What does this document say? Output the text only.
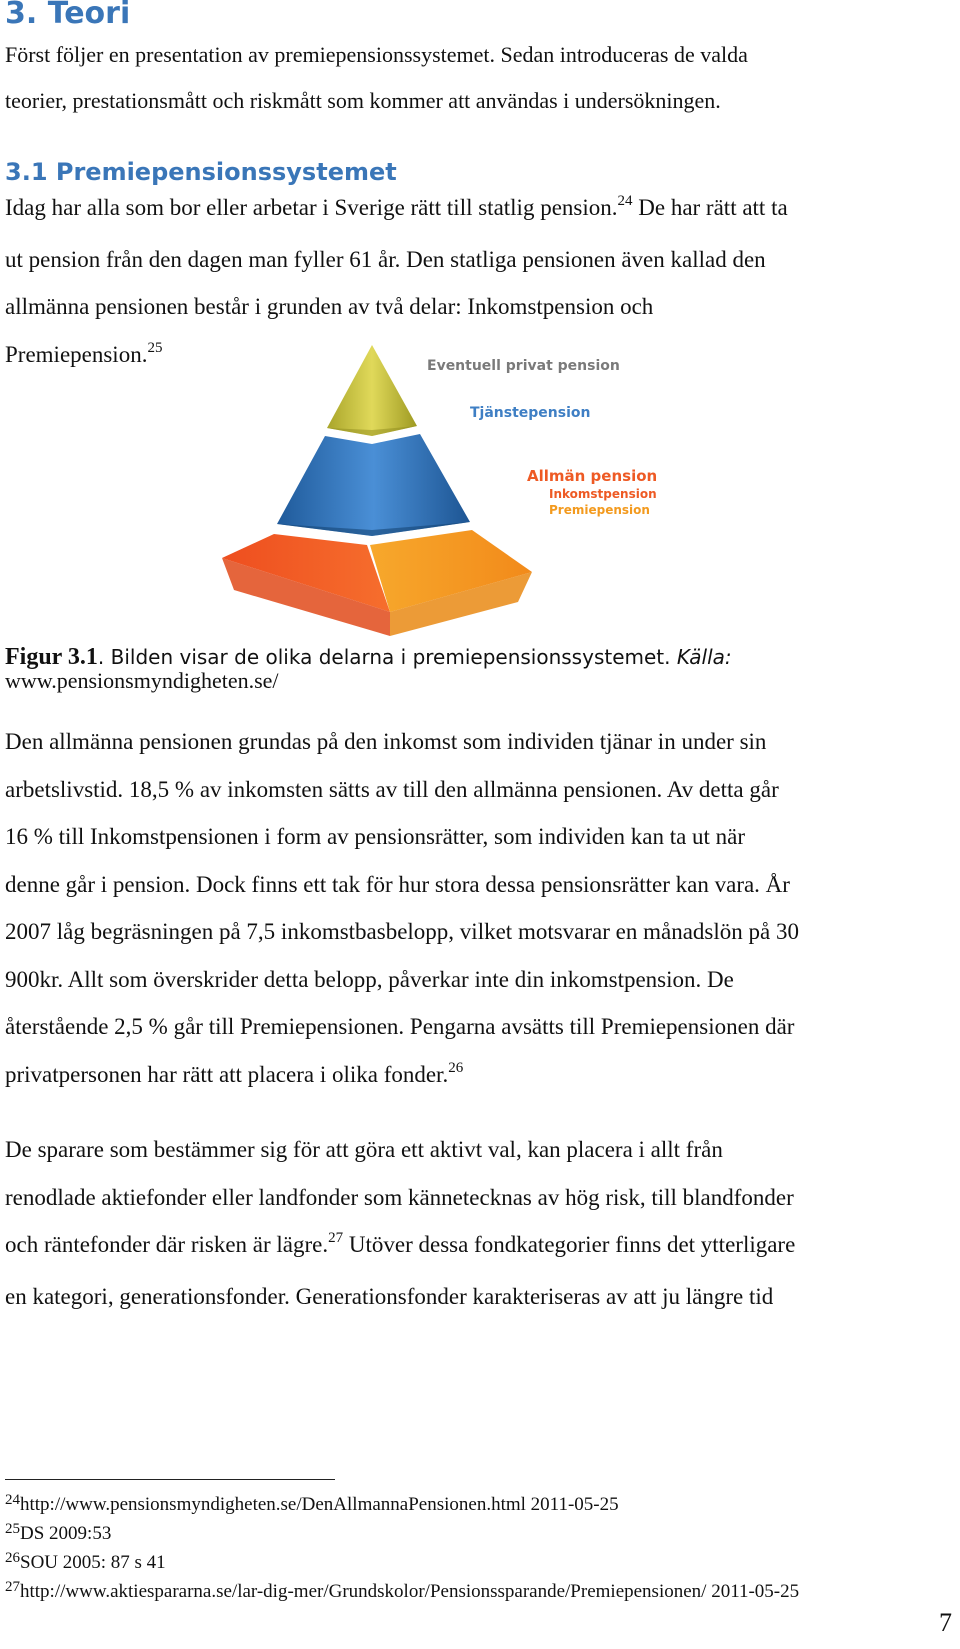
3. Teori

Först följer en presentation av premiepensionssystemet. Sedan introduceras de valda
teorier, prestationsmått och riskmått som kommer att användas i undersökningen.

3.1 Premiepensionssystemet

Idag har alla som bor eller arbetar i Sverige rätt till statlig pension.$^{24}$ De har rätt att ta
ut pension från den dagen man fyller 61 år. Den statliga pensionen även kallad den
allmänna pensionen består i grunden av två delar: Inkomstpension och
Premiepension.$^{25}$

Eventuell privat pension
Tjänstepension
Allmän pension
Inkomstpension
Premiepension

Figur 3.1. Bilden visar de olika delarna i premiepensionssystemet. Källa:
www.pensionsmyndigheten.se/

Den allmänna pensionen grundas på den inkomst som individen tjänar in under sin
arbetslivstid. 18,5 % av inkomsten sätts av till den allmänna pensionen. Av detta går
16 % till Inkomstpensionen i form av pensionsrätter, som individen kan ta ut när
denne går i pension. Dock finns ett tak för hur stora dessa pensionsrätter kan vara. År
2007 låg begräsningen på 7,5 inkomstbasbelopp, vilket motsvarar en månadslön på 30
900kr. Allt som överskrider detta belopp, påverkar inte din inkomstpension. De
återstående 2,5 % går till Premiepensionen. Pengarna avsätts till Premiepensionen där
privatpersonen har rätt att placera i olika fonder.$^{26}$

De sparare som bestämmer sig för att göra ett aktivt val, kan placera i allt från
renodlade aktiefonder eller landfonder som kännetecknas av hög risk, till blandfonder
och räntefonder där risken är lägre.$^{27}$ Utöver dessa fondkategorier finns det ytterligare
en kategori, generationsfonder. Generationsfonder karakteriseras av att ju längre tid

$^{24}$http://www.pensionsmyndigheten.se/DenAllmannaPensionen.html 2011-05-25
$^{25}$DS 2009:53
$^{26}$SOU 2005: 87 s 41
$^{27}$http://www.aktiespararna.se/lar-dig-mer/Grundskolor/Pensionssparande/Premiepensionen/ 2011-05-25
7
